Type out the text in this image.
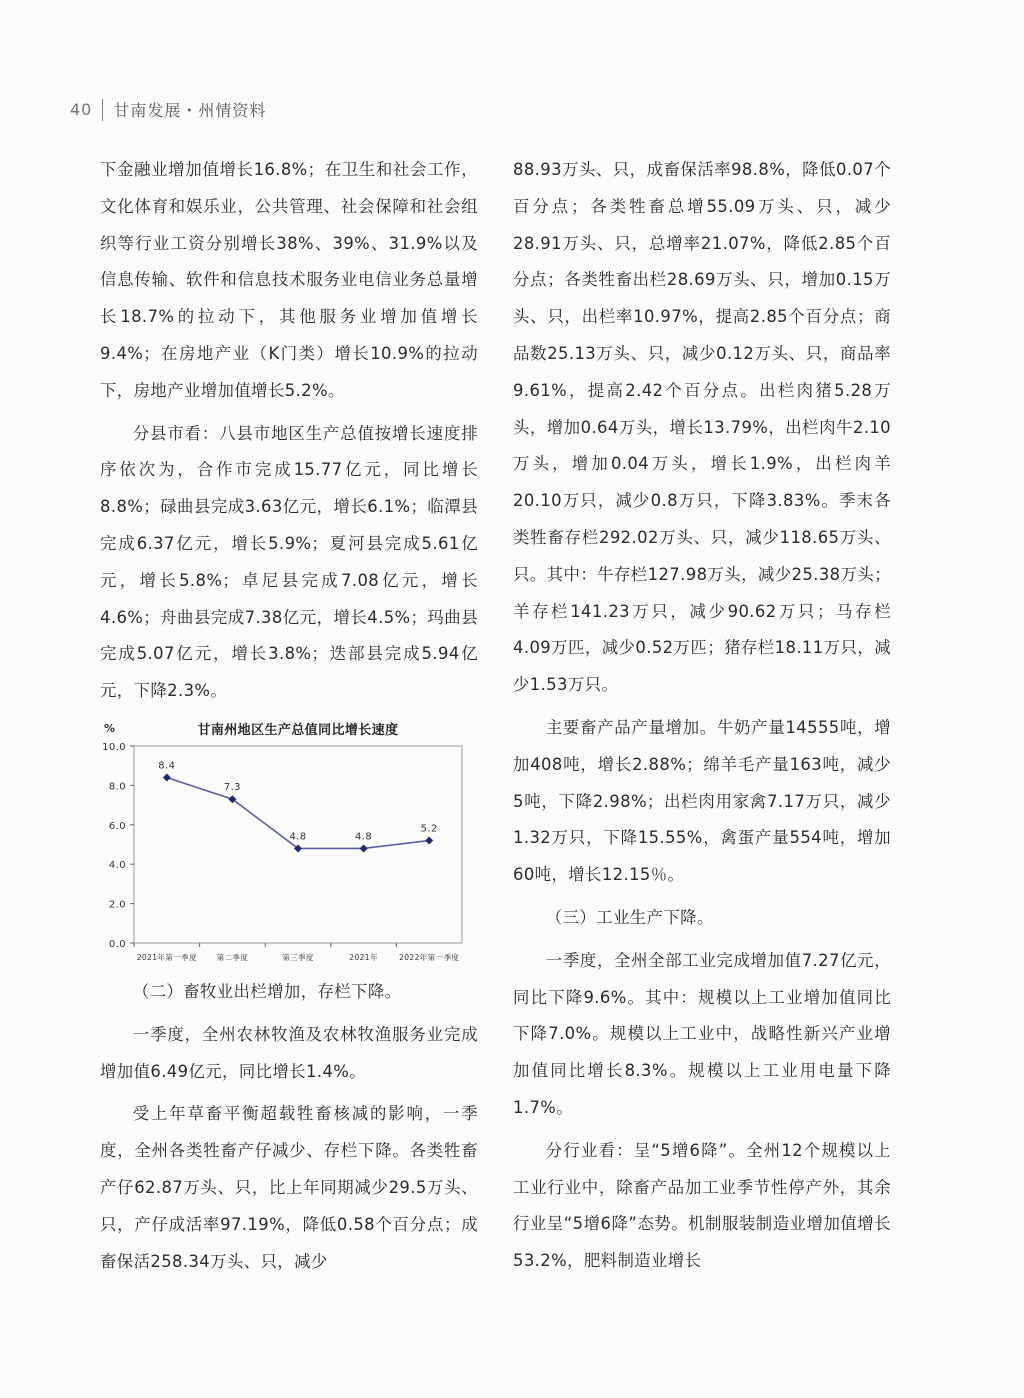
40 甘南发展・州情资料

下金融业增加值增长16.8%；在卫生和社会工作，文化体育和娱乐业，公共管理、社会保障和社会组织等行业工资分别增长38%、39%、31.9%以及信息传输、软件和信息技术服务业电信业务总量增长18.7%的拉动下，其他服务业增加值增长9.4%；在房地产业（K门类）增长10.9%的拉动下，房地产业增加值增长5.2%。

分县市看：八县市地区生产总值按增长速度排序依次为，合作市完成15.77亿元，同比增长8.8%；碌曲县完成3.63亿元，增长6.1%；临潭县完成6.37亿元，增长5.9%；夏河县完成5.61亿元，增长5.8%；卓尼县完成7.08亿元，增长4.6%；舟曲县完成7.38亿元，增长4.5%；玛曲县完成5.07亿元，增长3.8%；迭部县完成5.94亿元，下降2.3%。

%	甘南州地区生产总值同比增长速度
10.0
8.0
6.0
4.0
2.0
0.0
2021年第一季度	第二季度	第三季度	2021年	2022年第一季度
8.4
7.3
4.8	4.8
5.2

（二）畜牧业出栏增加，存栏下降。

一季度，全州农林牧渔及农林牧渔服务业完成增加值6.49亿元，同比增长1.4%。

受上年草畜平衡超载牲畜核减的影响，一季度，全州各类牲畜产仔减少、存栏下降。各类牲畜产仔62.87万头、只，比上年同期减少29.5万头、只，产仔成活率97.19%，降低0.58个百分点；成畜保活258.34万头、只，减少

88.93万头、只，成畜保活率98.8%，降低0.07个百分点；各类牲畜总增55.09万头、只，减少28.91万头、只，总增率21.07%，降低2.85个百分点；各类牲畜出栏28.69万头、只，增加0.15万头、只，出栏率10.97%，提高2.85个百分点；商品数25.13万头、只，减少0.12万头、只，商品率9.61%，提高2.42个百分点。出栏肉猪5.28万头，增加0.64万头，增长13.79%，出栏肉牛2.10万头，增加0.04万头，增长1.9%，出栏肉羊20.10万只，减少0.8万只，下降3.83%。季末各类牲畜存栏292.02万头、只，减少118.65万头、只。其中：牛存栏127.98万头，减少25.38万头；羊存栏141.23万只，减少90.62万只；马存栏4.09万匹，减少0.52万匹；猪存栏18.11万只，减少1.53万只。

主要畜产品产量增加。牛奶产量14555吨，增加408吨，增长2.88%；绵羊毛产量163吨，减少5吨，下降2.98%；出栏肉用家禽7.17万只，减少1.32万只，下降15.55%，禽蛋产量554吨，增加60吨，增长12.15％。

（三）工业生产下降。

一季度，全州全部工业完成增加值7.27亿元，同比下降9.6%。其中：规模以上工业增加值同比下降7.0%。规模以上工业中，战略性新兴产业增加值同比增长8.3%。规模以上工业用电量下降1.7%。

分行业看：呈“5增6降”。全州12个规模以上工业行业中，除畜产品加工业季节性停产外，其余行业呈“5增6降”态势。机制服装制造业增加值增长53.2%，肥料制造业增长
